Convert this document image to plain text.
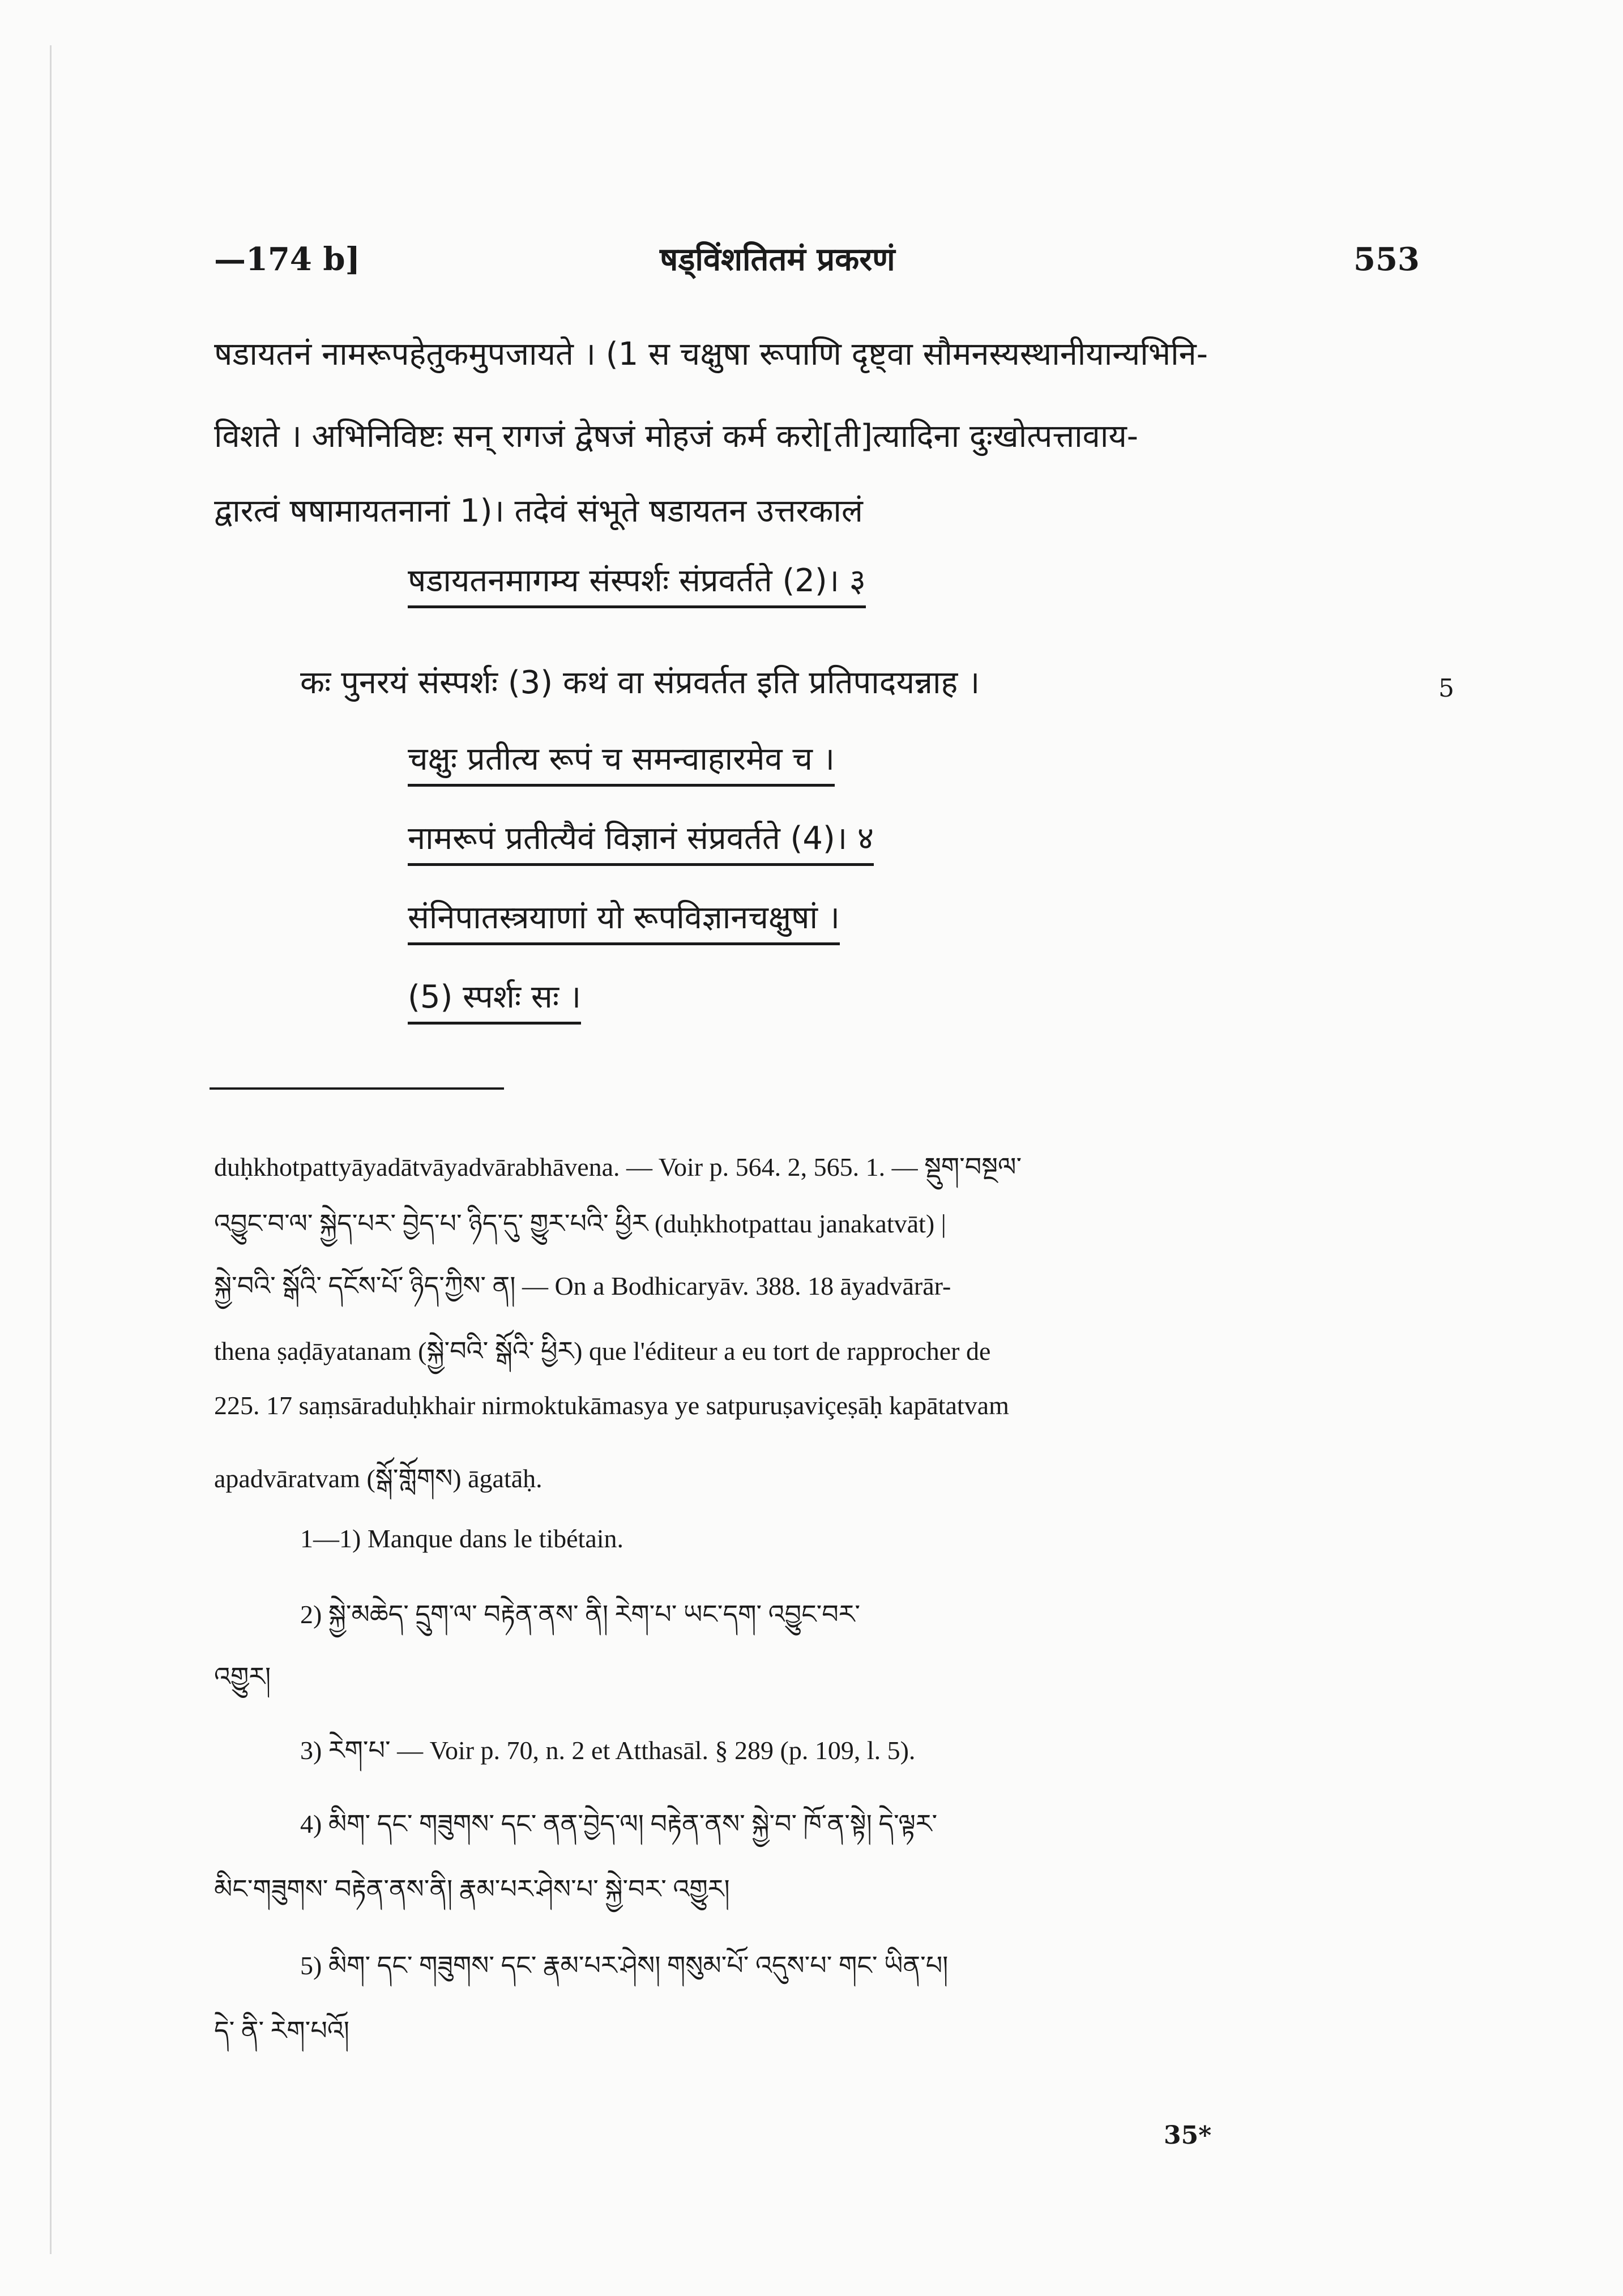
—174 b]	षड्विंशतितमं प्रकरणं	553
षडायतनं नामरूपहेतुकमुपजायते । (1 स चक्षुषा रूपाणि दृष्ट्वा सौमनस्यस्थानीयान्यभिनि-
विशते । अभिनिविष्टः सन् रागजं द्वेषजं मोहजं कर्म करो[ती]त्यादिना दुःखोत्पत्तावाय-
द्वारत्वं षषामायतनानां 1)। तदेवं संभूते षडायतन उत्तरकालं
षडायतनमागम्य संस्पर्शः संप्रवर्तते (2)। ३
कः पुनरयं संस्पर्शः (3) कथं वा संप्रवर्तत इति प्रतिपादयन्नाह ।	5
चक्षुः प्रतीत्य रूपं च समन्वाहारमेव च ।
नामरूपं प्रतीत्यैवं विज्ञानं संप्रवर्तते (4)। ४
संनिपातस्त्रयाणां यो रूपविज्ञानचक्षुषां ।
(5) स्पर्शः सः ।
duḥkhotpattyāyadātvāyadvārabhāvena. — Voir p. 564. 2, 565. 1. — སྡུག་བསྔལ་
འབྱུང་བ་ལ་ སྐྱེད་པར་ བྱེད་པ་ ཉིད་དུ་ གྱུར་པའི་ ཕྱིར (duḥkhotpattau janakatvāt) |
སྐྱེ་བའི་ སྒོའི་ དངོས་པོ་ ཉིད་ཀྱིས་ ན། — On a Bodhicaryāv. 388. 18 āyadvārār-
thena ṣaḍāyatanam (སྐྱེ་བའི་ སྒོའི་ ཕྱིར) que l'éditeur a eu tort de rapprocher de
225. 17 saṃsāraduḥkhair nirmoktukāmasya ye satpuruṣaviçeṣāḥ kapātatvam
apadvāratvam (སྒོ་གློགས) āgatāḥ.
1—1) Manque dans le tibétain.
2) སྐྱེ་མཆེད་ དྲུག་ལ་ བརྟེན་ནས་ ནི། རེག་པ་ ཡང་དག་ འབྱུང་བར་
འགྱུར།
3) རེག་པ་ — Voir p. 70, n. 2 et Atthasāl. § 289 (p. 109, l. 5).
4) མིག་ དང་ གཟུགས་ དང་ ནན་བྱེད་ལ། བརྟེན་ནས་ སྐྱེ་བ་ ཁོ་ན་སྟེ། དེ་ལྟར་
མིང་གཟུགས་ བརྟེན་ནས་ནི། རྣམ་པར་ཤེས་པ་ སྐྱེ་བར་ འགྱུར།
5) མིག་ དང་ གཟུགས་ དང་ རྣམ་པར་ཤེས། གསུམ་པོ་ འདུས་པ་ གང་ ཡིན་པ།
དེ་ ནི་ རེག་པའོ།
35*
